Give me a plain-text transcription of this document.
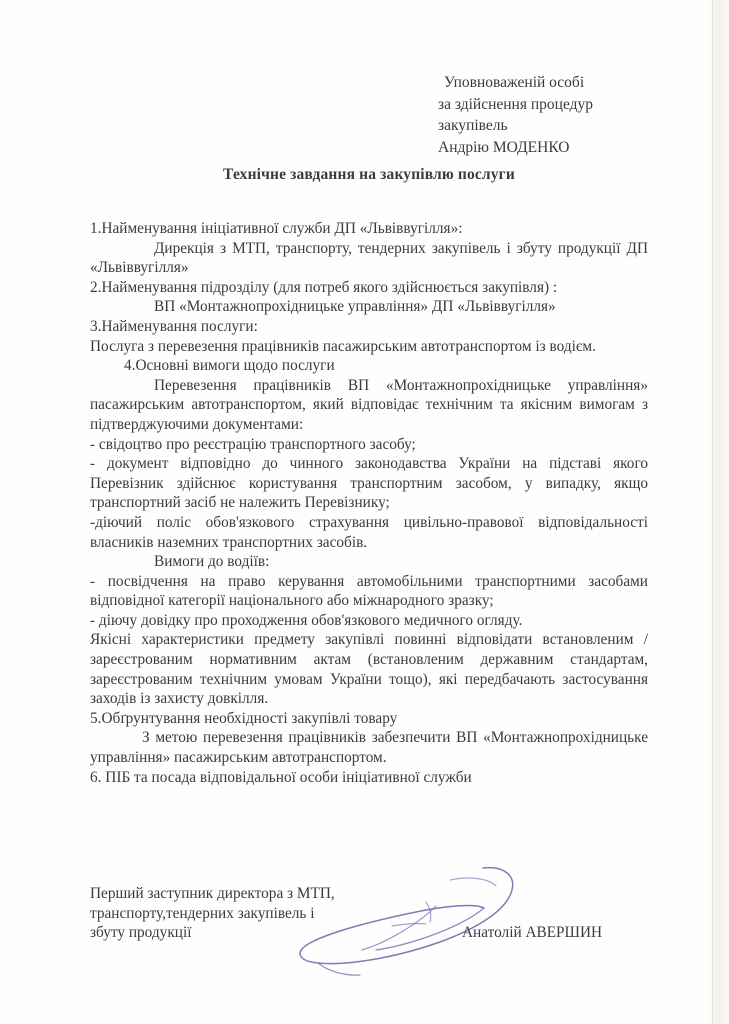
Уповноваженій особі
за здійснення процедур
закупівель
Андрію МОДЕНКО
Технічне завдання на закупівлю послуги

1.Найменування ініціативної служби ДП «Львіввугілля»:

Дирекція з МТП, транспорту, тендерних закупівель і збуту продукції ДП «Львіввугілля»

2.Найменування підрозділу (для потреб якого здійснюється закупівля) :

ВП «Монтажнопрохідницьке управління» ДП «Львіввугілля»

3.Найменування послуги:

Послуга з перевезення працівників пасажирським автотранспортом із водієм.

4.Основні вимоги щодо послуги

Перевезення працівників ВП «Монтажнопрохідницьке управління» пасажирським автотранспортом, який відповідає технічним та якісним вимогам з підтверджуючими документами:

- свідоцтво про реєстрацію транспортного засобу;

- документ відповідно до чинного законодавства України на підставі якого Перевізник здійснює користування транспортним засобом, у випадку, якщо транспортний засіб не належить Перевізнику;

-діючий поліс обов'язкового страхування цивільно-правової відповідальності власників наземних транспортних засобів.

Вимоги до водіїв:

- посвідчення на право керування автомобільними транспортними засобами відповідної категорії національного або міжнародного зразку;

- діючу довідку про проходження обов'язкового медичного огляду.

Якісні характеристики предмету закупівлі повинні відповідати встановленим /зареєстрованим нормативним актам (встановленим державним стандартам, зареєстрованим технічним умовам України тощо), які передбачають застосування заходів із захисту довкілля.

5.Обґрунтування необхідності закупівлі товару

З метою перевезення працівників забезпечити ВП «Монтажнопрохідницьке управління» пасажирським автотранспортом.

6. ПІБ та посада відповідальної особи ініціативної служби

Перший заступник директора з МТП,
транспорту,тендерних закупівель і
збуту продукції	Анатолій АВЕРШИН
